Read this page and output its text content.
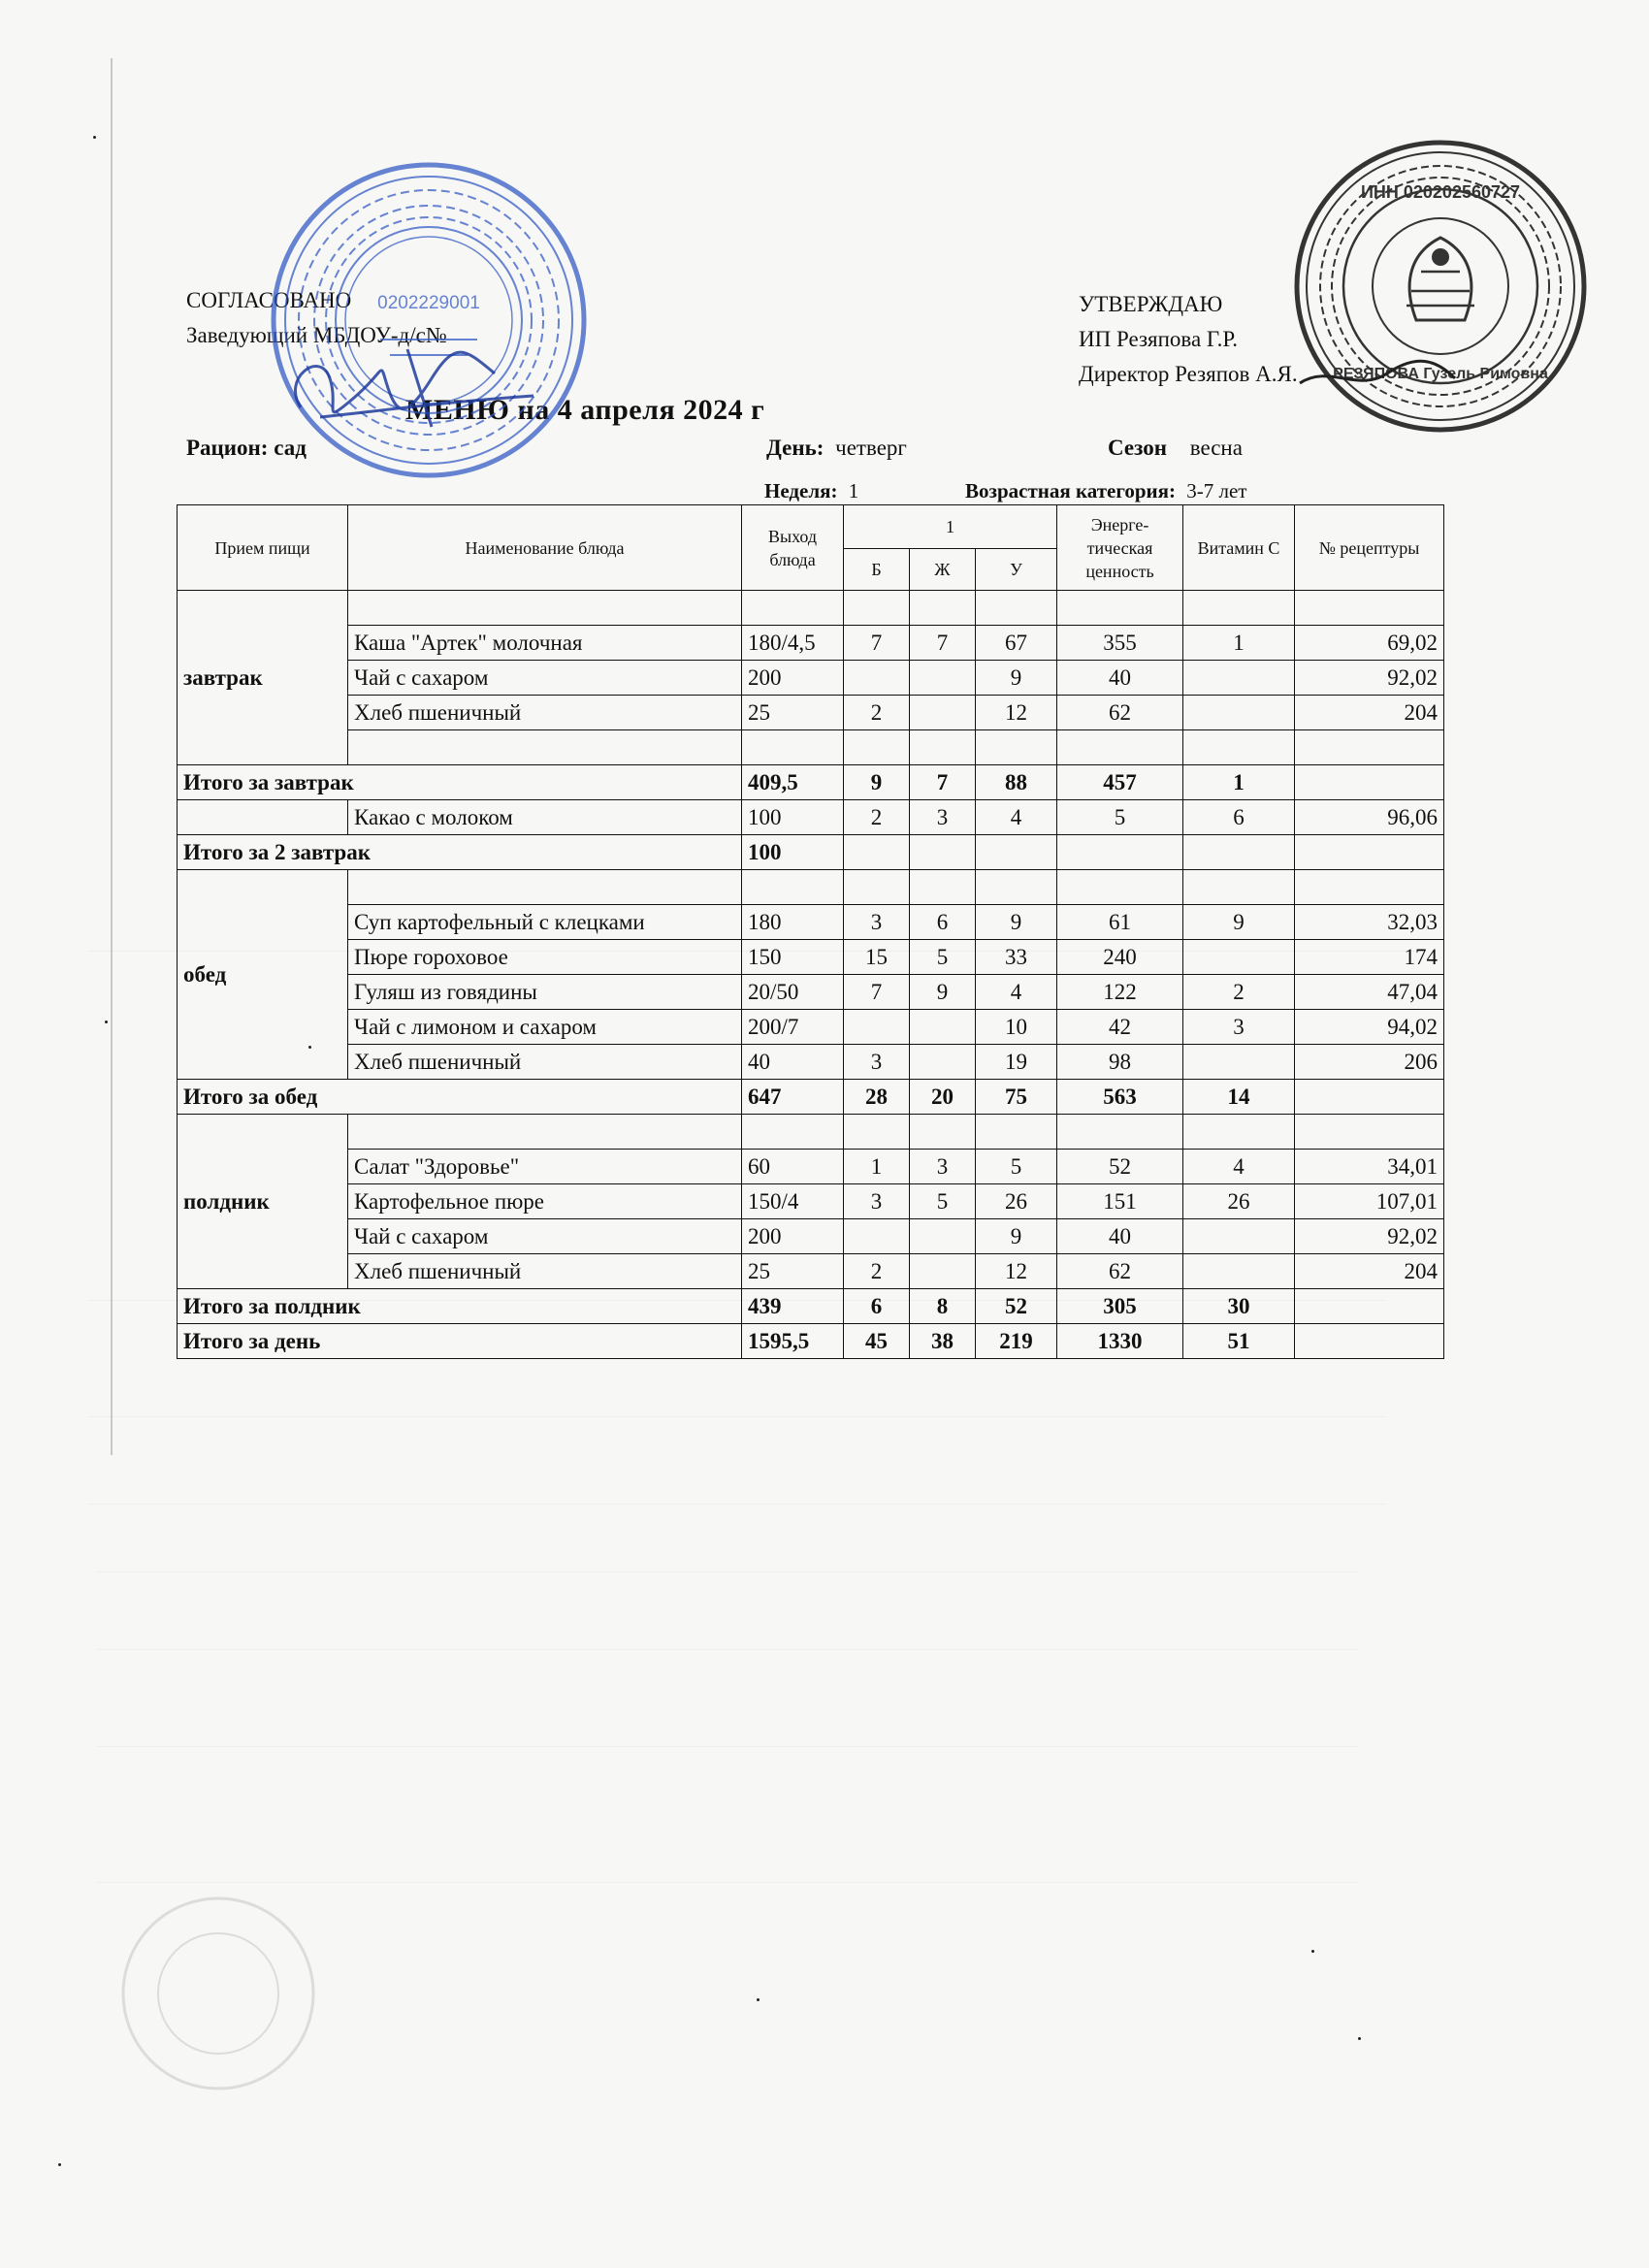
СОГЛАСОВАНО
Заведующий МБДОУ-д/с№
УТВЕРЖДАЮ
ИП Резяпова Г.Р.
Директор Резяпов А.Я.
МЕНЮ на 4 апреля 2024 г
Рацион: сад	День: четверг	Сезон весна
Неделя: 1	Возрастная категория: 3-7 лет
Прием пищи	Наименование блюда	Выход блюда	1			Энерге-тическая ценность	Витамин С	№ рецептуры
			Б	Ж	У			
завтрак								
	Каша "Артек" молочная	180/4,5	7	7	67	355	1	69,02
	Чай с сахаром	200			9	40		92,02
	Хлеб пшеничный	25	2		12	62		204

Итого за завтрак		409,5	9	7	88	457	1	
	Какао с молоком	100	2	3	4	5	6	96,06
Итого за 2 завтрак		100						
обед								
	Суп картофельный с клецками	180	3	6	9	61	9	32,03
	Пюре гороховое	150	15	5	33	240		174
	Гуляш из говядины	20/50	7	9	4	122	2	47,04
	Чай с лимоном и сахаром	200/7			10	42	3	94,02
	Хлеб пшеничный	40	3		19	98		206
Итого за обед		647	28	20	75	563	14	
полдник								
	Салат "Здоровье"	60	1	3	5	52	4	34,01
	Картофельное пюре	150/4	3	5	26	151	26	107,01
	Чай с сахаром	200			9	40		92,02
	Хлеб пшеничный	25	2		12	62		204
Итого за полдник		439	6	8	52	305	30	
Итого за день		1595,5	45	38	219	1330	51	
0202229001
ИНН 020202560727
РЕЗЯПОВА Гузель Римовна
